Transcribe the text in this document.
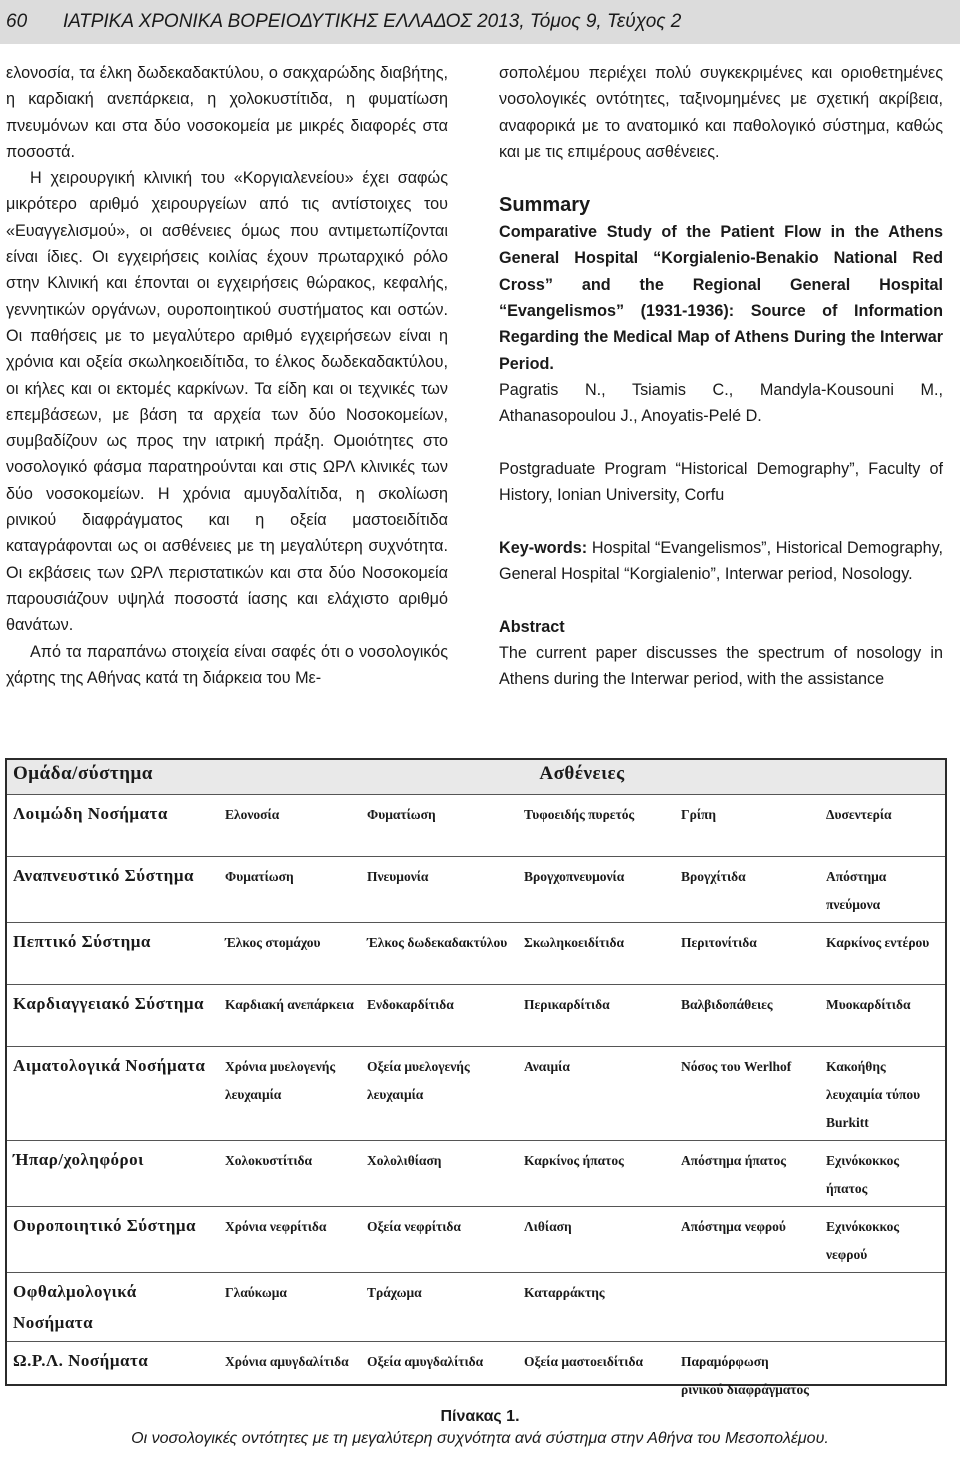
60 ΙΑΤΡΙΚΑ ΧΡΟΝΙΚΑ ΒΟΡΕΙΟΔΥΤΙΚΗΣ ΕΛΛΑΔΟΣ 2013, Τόμος 9, Τεύχος 2

ελονοσία, τα έλκη δωδεκαδακτύλου, ο σακχαρώδης διαβήτης, η καρδιακή ανεπάρκεια, η χολοκυστίτιδα, η φυματίωση πνευμόνων και στα δύο νοσοκομεία με μικρές διαφορές στα ποσοστά.

Η χειρουργική κλινική του «Κοργιαλενείου» έχει σαφώς μικρότερο αριθμό χειρουργείων από τις αντίστοιχες του «Ευαγγελισμού», οι ασθένειες όμως που αντιμετωπίζονται είναι ίδιες. Οι εγχειρήσεις κοιλίας έχουν πρωταρχικό ρόλο στην Κλινική και έπονται οι εγχειρήσεις θώρακος, κεφαλής, γεννητικών οργάνων, ουροποιητικού συστήματος και οστών. Οι παθήσεις με το μεγαλύτερο αριθμό εγχειρήσεων είναι η χρόνια και οξεία σκωληκοειδίτιδα, το έλκος δωδεκαδακτύλου, οι κήλες και οι εκτομές καρκίνων. Τα είδη και οι τεχνικές των επεμβάσεων, με βάση τα αρχεία των δύο Νοσοκομείων, συμβαδίζουν ως προς την ιατρική πράξη. Ομοιότητες στο νοσολογικό φάσμα παρατηρούνται και στις ΩΡΛ κλινικές των δύο νοσοκομείων. Η χρόνια αμυγδαλίτιδα, η σκολίωση ρινικού διαφράγματος και η οξεία μαστοειδίτιδα καταγράφονται ως οι ασθένειες με τη μεγαλύτερη συχνότητα. Οι εκβάσεις των ΩΡΛ περιστατικών και στα δύο Νοσοκομεία παρουσιάζουν υψηλά ποσοστά ίασης και ελάχιστο αριθμό θανάτων.

Από τα παραπάνω στοιχεία είναι σαφές ότι ο νοσολογικός χάρτης της Αθήνας κατά τη διάρκεια του Με-

σοπολέμου περιέχει πολύ συγκεκριμένες και οριοθετημένες νοσολογικές οντότητες, ταξινομημένες με σχετική ακρίβεια, αναφορικά με το ανατομικό και παθολογικό σύστημα, καθώς και με τις επιμέρους ασθένειες.

Summary

Comparative Study of the Patient Flow in the Athens General Hospital “Korgialenio-Benakio National Red Cross” and the Regional General Hospital “Evangelismos” (1931-1936): Source of Information Regarding the Medical Map of Athens During the Interwar Period.

Pagratis N., Tsiamis C., Mandyla-Kousouni M., Athanasopoulou J., Anoyatis-Pelé D.

Postgraduate Program “Historical Demography”, Faculty of History, Ionian University, Corfu

Key-words: Hospital “Evangelismos”, Historical Demography, General Hospital “Korgialenio”, Interwar period, Nosology.

Abstract

The current paper discusses the spectrum of nosology in Athens during the Interwar period, with the assistance

Ομάδα/σύστημα	Ασθένειες				
Λοιμώδη Νοσήματα	Ελονοσία	Φυματίωση	Τυφοειδής πυρετός	Γρίπη	Δυσεντερία
Αναπνευστικό Σύστημα	Φυματίωση	Πνευμονία	Βρογχοπνευμονία	Βρογχίτιδα	Απόστημα πνεύμονα
Πεπτικό Σύστημα	Έλκος στομάχου	Έλκος δωδεκαδακτύλου	Σκωληκοειδίτιδα	Περιτονίτιδα	Καρκίνος εντέρου
Καρδιαγγειακό Σύστημα	Καρδιακή ανεπάρκεια	Ενδοκαρδίτιδα	Περικαρδίτιδα	Βαλβιδοπάθειες	Μυοκαρδίτιδα
Αιματολογικά Νοσήματα	Χρόνια μυελογενής λευχαιμία	Οξεία μυελογενής λευχαιμία	Αναιμία	Νόσος του Werlhof	Κακοήθης λευχαιμία τύπου Burkitt
Ήπαρ/χοληφόροι	Χολοκυστίτιδα	Χολολιθίαση	Καρκίνος ήπατος	Απόστημα ήπατος	Εχινόκοκκος ήπατος
Ουροποιητικό Σύστημα	Χρόνια νεφρίτιδα	Οξεία νεφρίτιδα	Λιθίαση	Απόστημα νεφρού	Εχινόκοκκος νεφρού
Οφθαλμολογικά Νοσήματα	Γλαύκωμα	Τράχωμα	Καταρράκτης		
Ω.Ρ.Λ. Νοσήματα	Χρόνια αμυγδαλίτιδα	Οξεία αμυγδαλίτιδα	Οξεία μαστοειδίτιδα	Παραμόρφωση ρινικού διαφράγματος	
Πίνακας 1.
Οι νοσολογικές οντότητες με τη μεγαλύτερη συχνότητα ανά σύστημα στην Αθήνα του Μεσοπολέμου.
